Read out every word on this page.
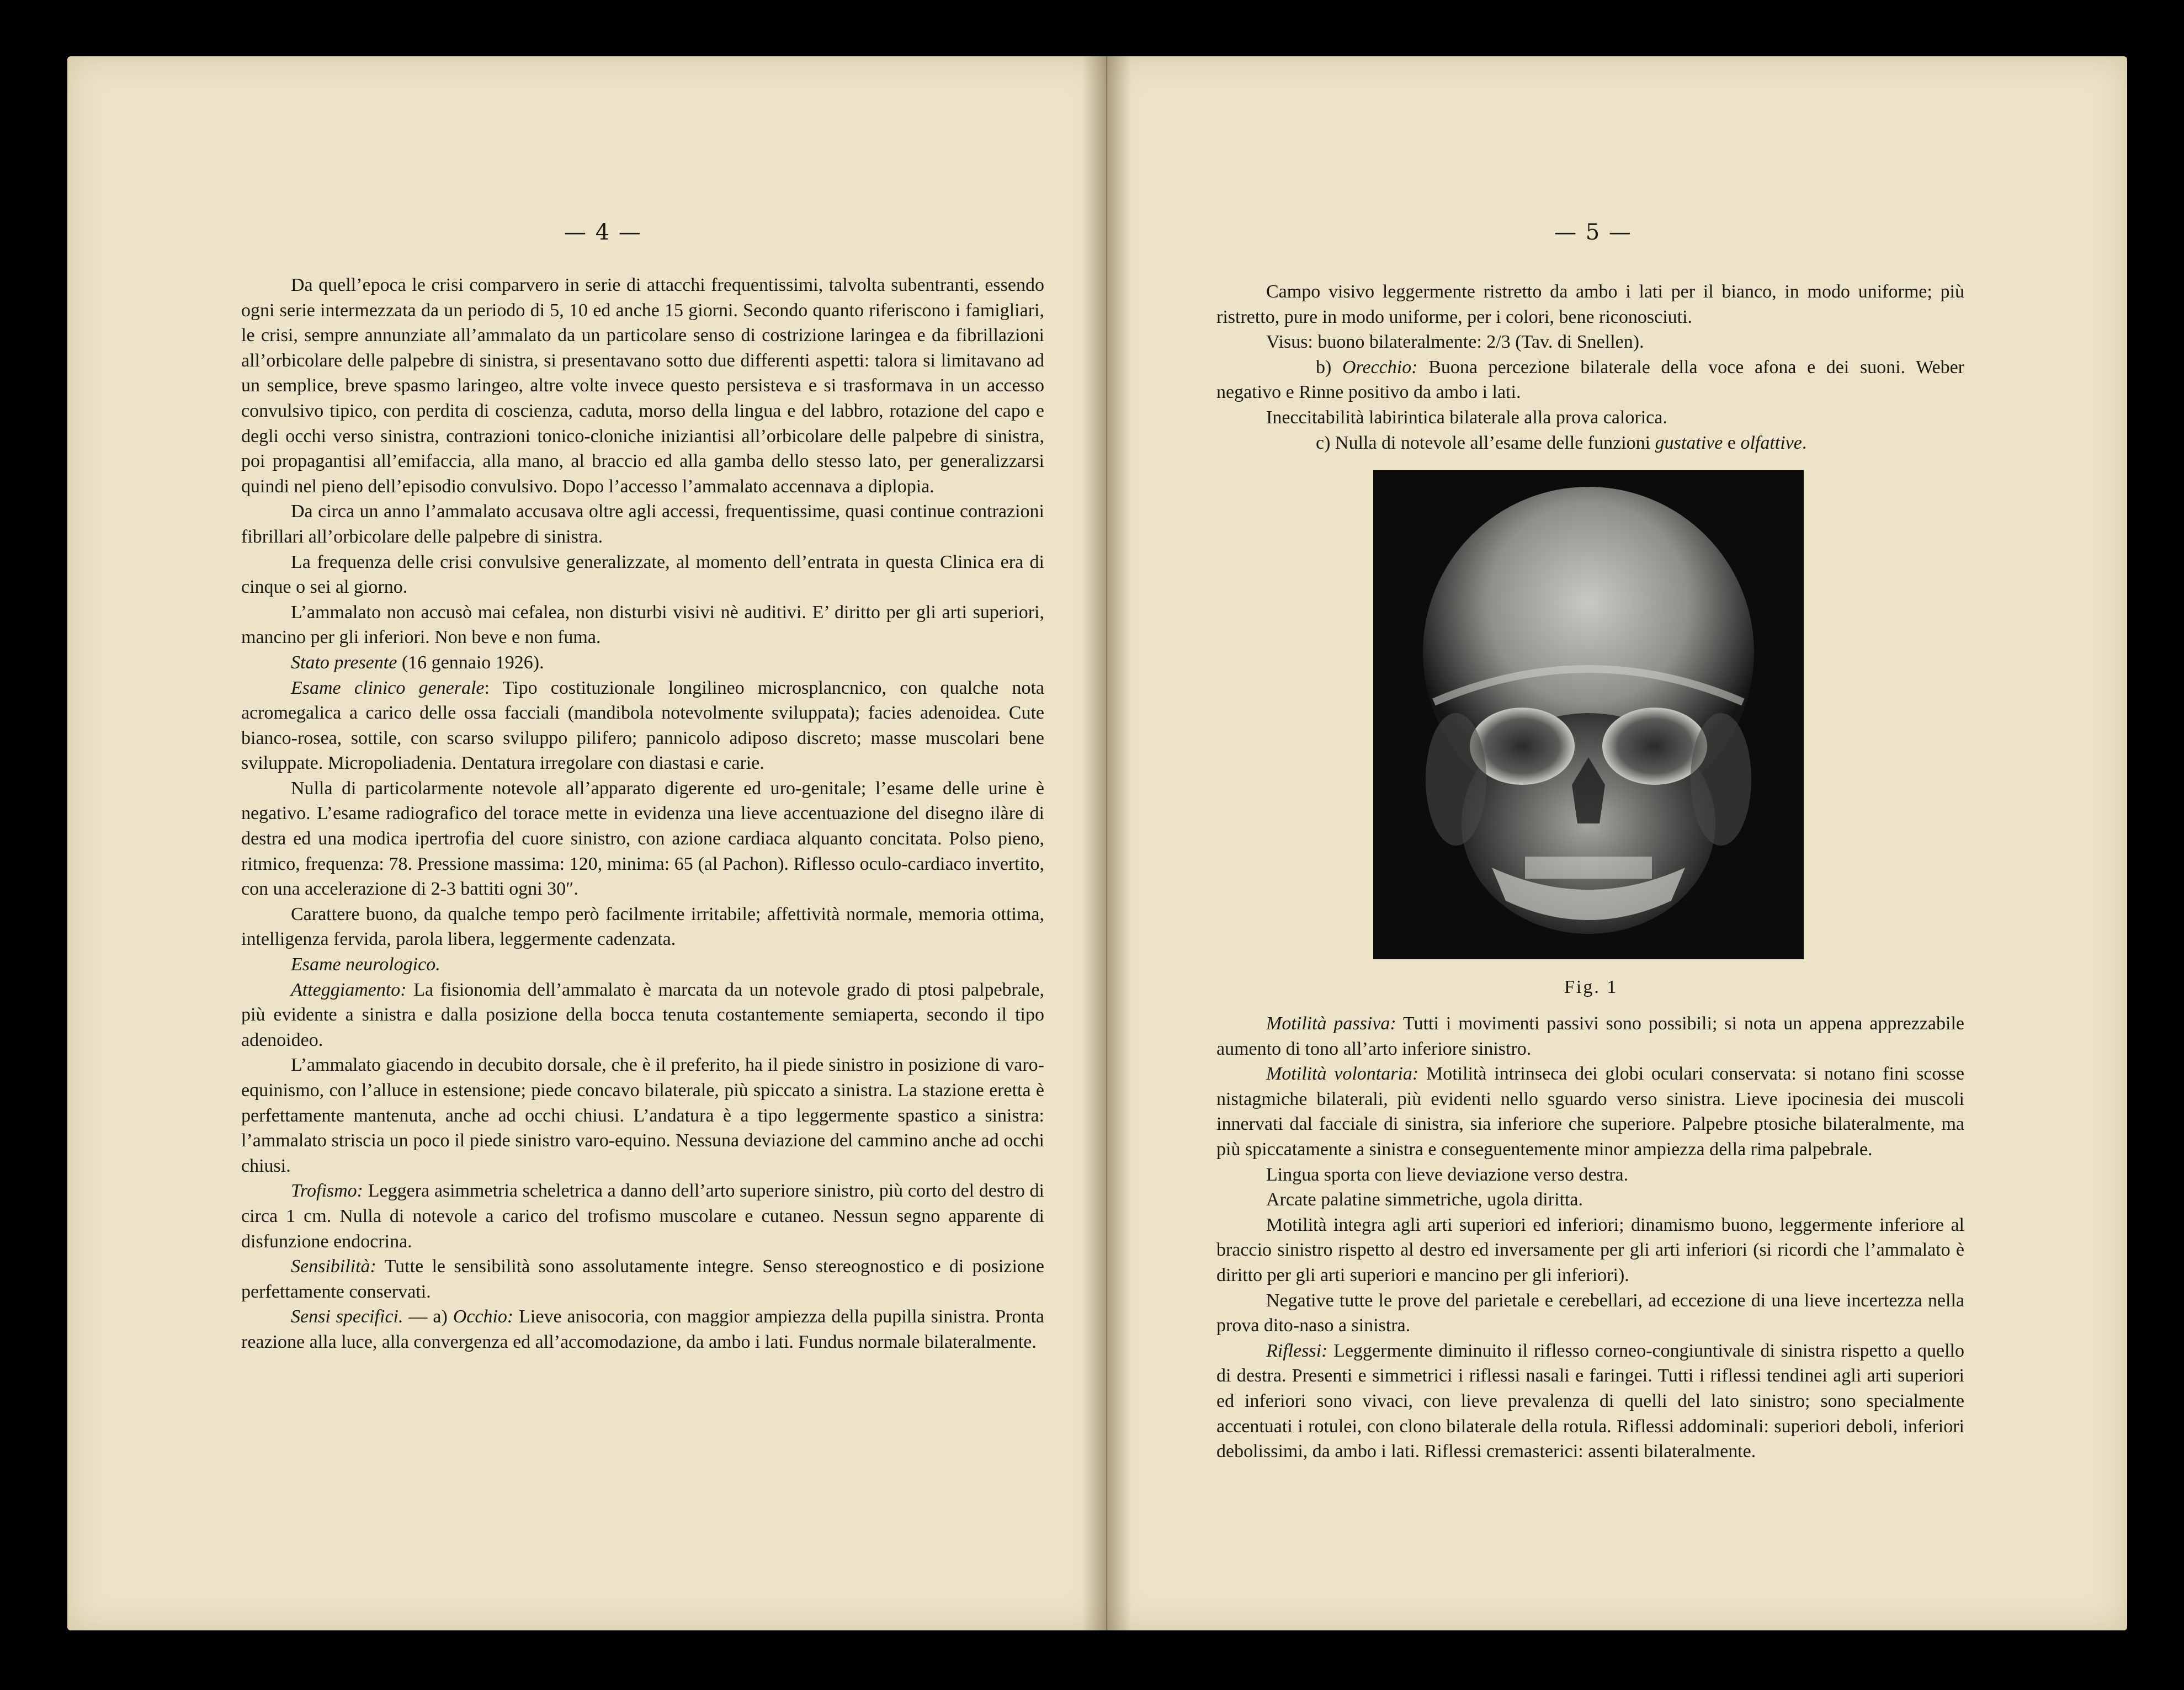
— 4 —

Da quell’epoca le crisi comparvero in serie di attacchi frequentissimi, talvolta subentranti, essendo ogni serie intermezzata da un periodo di 5, 10 ed anche 15 giorni. Secondo quanto riferiscono i famigliari, le crisi, sempre annunziate all’ammalato da un particolare senso di costrizione laringea e da fibrillazioni all’orbicolare delle palpebre di sinistra, si presentavano sotto due differenti aspetti: talora si limitavano ad un semplice, breve spasmo laringeo, altre volte invece questo persisteva e si trasformava in un accesso convulsivo tipico, con perdita di coscienza, caduta, morso della lingua e del labbro, rotazione del capo e degli occhi verso sinistra, contrazioni tonico-cloniche iniziantisi all’orbicolare delle palpebre di sinistra, poi propagantisi all’emifaccia, alla mano, al braccio ed alla gamba dello stesso lato, per generalizzarsi quindi nel pieno dell’episodio convulsivo. Dopo l’accesso l’ammalato accennava a diplopia.

Da circa un anno l’ammalato accusava oltre agli accessi, frequentissime, quasi continue contrazioni fibrillari all’orbicolare delle palpebre di sinistra.

La frequenza delle crisi convulsive generalizzate, al momento dell’entrata in questa Clinica era di cinque o sei al giorno.

L’ammalato non accusò mai cefalea, non disturbi visivi nè auditivi. E’ diritto per gli arti superiori, mancino per gli inferiori. Non beve e non fuma.

Stato presente (16 gennaio 1926).

Esame clinico generale: Tipo costituzionale longilineo microsplancnico, con qualche nota acromegalica a carico delle ossa facciali (mandibola notevolmente sviluppata); facies adenoidea. Cute bianco-rosea, sottile, con scarso sviluppo pilifero; pannicolo adiposo discreto; masse muscolari bene sviluppate. Micropoliadenia. Dentatura irregolare con diastasi e carie.

Nulla di particolarmente notevole all’apparato digerente ed uro-genitale; l’esame delle urine è negativo. L’esame radiografico del torace mette in evidenza una lieve accentuazione del disegno ilàre di destra ed una modica ipertrofia del cuore sinistro, con azione cardiaca alquanto concitata. Polso pieno, ritmico, frequenza: 78. Pressione massima: 120, minima: 65 (al Pachon). Riflesso oculo-cardiaco invertito, con una accelerazione di 2-3 battiti ogni 30″.

Carattere buono, da qualche tempo però facilmente irritabile; affettività normale, memoria ottima, intelligenza fervida, parola libera, leggermente cadenzata.

Esame neurologico.

Atteggiamento: La fisionomia dell’ammalato è marcata da un notevole grado di ptosi palpebrale, più evidente a sinistra e dalla posizione della bocca tenuta costantemente semiaperta, secondo il tipo adenoideo.

L’ammalato giacendo in decubito dorsale, che è il preferito, ha il piede sinistro in posizione di varo-equinismo, con l’alluce in estensione; piede concavo bilaterale, più spiccato a sinistra. La stazione eretta è perfettamente mantenuta, anche ad occhi chiusi. L’andatura è a tipo leggermente spastico a sinistra: l’ammalato striscia un poco il piede sinistro varo-equino. Nessuna deviazione del cammino anche ad occhi chiusi.

Trofismo: Leggera asimmetria scheletrica a danno dell’arto superiore sinistro, più corto del destro di circa 1 cm. Nulla di notevole a carico del trofismo muscolare e cutaneo. Nessun segno apparente di disfunzione endocrina.

Sensibilità: Tutte le sensibilità sono assolutamente integre. Senso stereognostico e di posizione perfettamente conservati.

Sensi specifici. — a) Occhio: Lieve anisocoria, con maggior ampiezza della pupilla sinistra. Pronta reazione alla luce, alla convergenza ed all’accomodazione, da ambo i lati. Fundus normale bilateralmente.

— 5 —

Campo visivo leggermente ristretto da ambo i lati per il bianco, in modo uniforme; più ristretto, pure in modo uniforme, per i colori, bene riconosciuti.

Visus: buono bilateralmente: 2/3 (Tav. di Snellen).

b) Orecchio: Buona percezione bilaterale della voce afona e dei suoni. Weber negativo e Rinne positivo da ambo i lati.

Ineccitabilità labirintica bilaterale alla prova calorica.

c) Nulla di notevole all’esame delle funzioni gustative e olfattive.

Fig. 1

Motilità passiva: Tutti i movimenti passivi sono possibili; si nota un appena apprezzabile aumento di tono all’arto inferiore sinistro.

Motilità volontaria: Motilità intrinseca dei globi oculari conservata: si notano fini scosse nistagmiche bilaterali, più evidenti nello sguardo verso sinistra. Lieve ipocinesia dei muscoli innervati dal facciale di sinistra, sia inferiore che superiore. Palpebre ptosiche bilateralmente, ma più spiccatamente a sinistra e conseguentemente minor ampiezza della rima palpebrale.

Lingua sporta con lieve deviazione verso destra.

Arcate palatine simmetriche, ugola diritta.

Motilità integra agli arti superiori ed inferiori; dinamismo buono, leggermente inferiore al braccio sinistro rispetto al destro ed inversamente per gli arti inferiori (si ricordi che l’ammalato è diritto per gli arti superiori e mancino per gli inferiori).

Negative tutte le prove del parietale e cerebellari, ad eccezione di una lieve incertezza nella prova dito-naso a sinistra.

Riflessi: Leggermente diminuito il riflesso corneo-congiuntivale di sinistra rispetto a quello di destra. Presenti e simmetrici i riflessi nasali e faringei. Tutti i riflessi tendinei agli arti superiori ed inferiori sono vivaci, con lieve prevalenza di quelli del lato sinistro; sono specialmente accentuati i rotulei, con clono bilaterale della rotula. Riflessi addominali: superiori deboli, inferiori debolissimi, da ambo i lati. Riflessi cremasterici: assenti bilateralmente.
